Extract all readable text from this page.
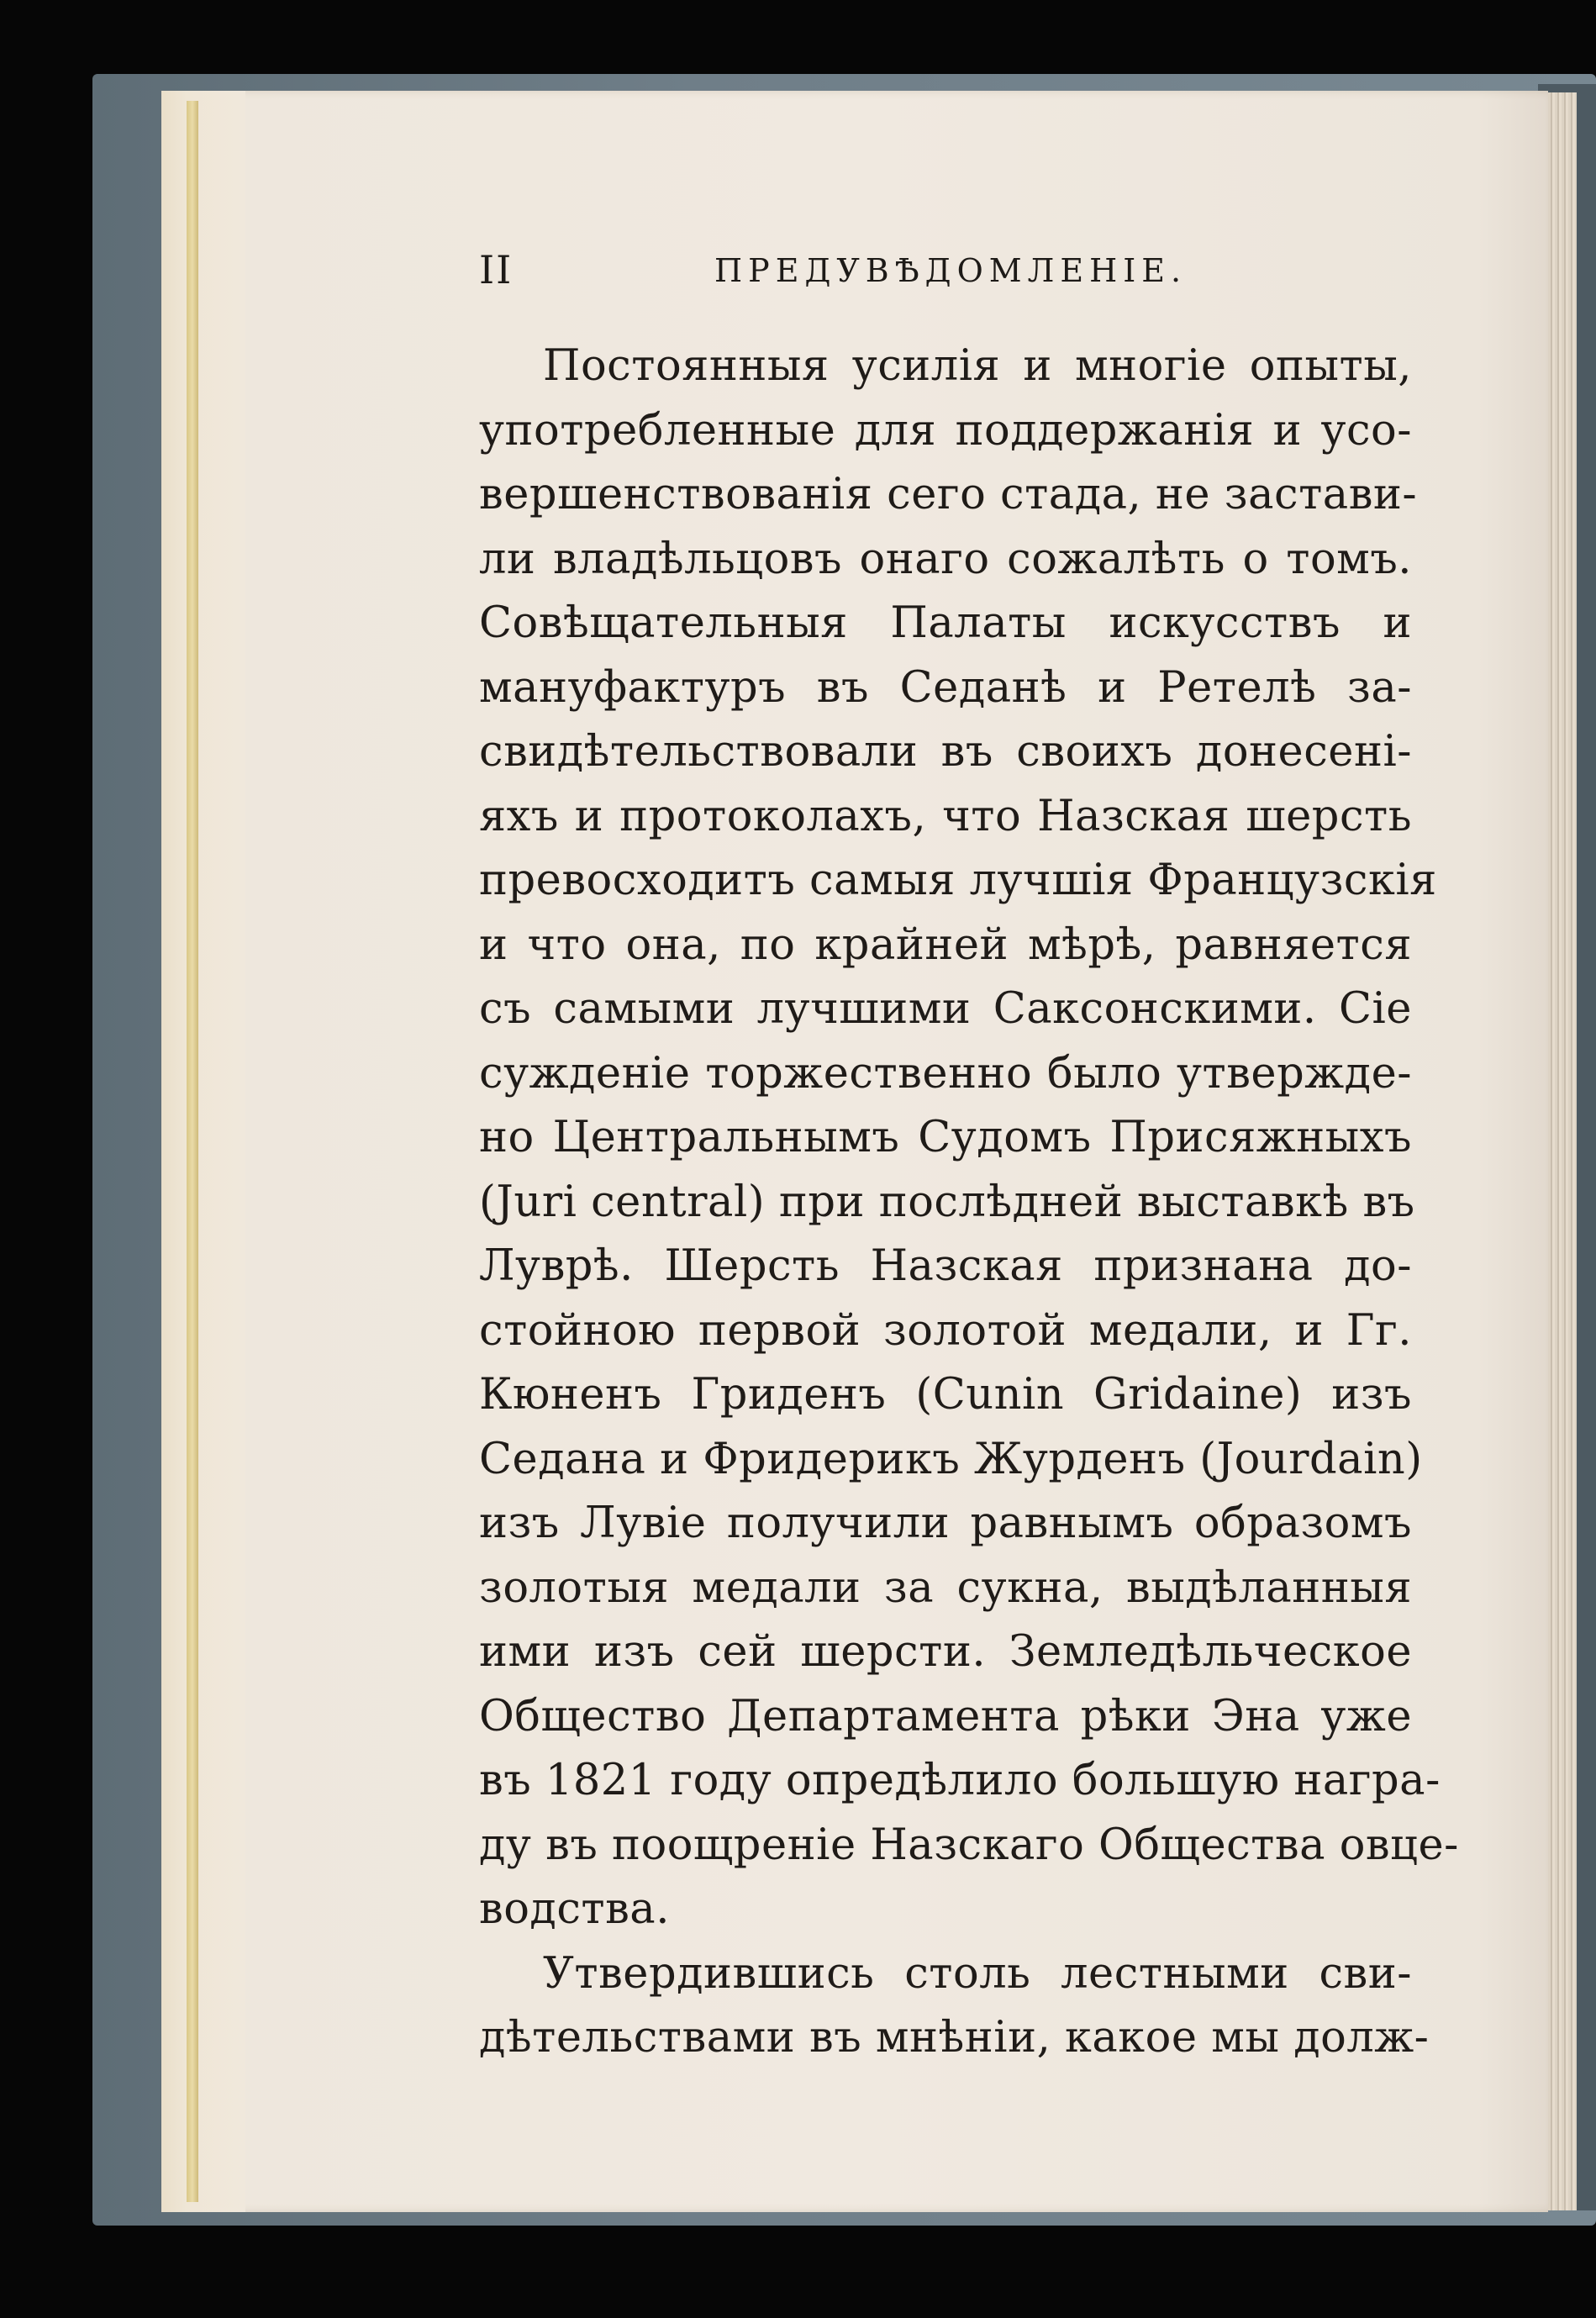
II	ПРЕДУВѢДОМЛЕНІЕ.
Постоянныя усилія и многіе опыты,
употребленные для поддержанія и усо-
вершенствованія сего стада, не застави-
ли владѣльцовъ онаго сожалѣть о томъ.
Совѣщательныя Палаты искусствъ и
мануфактуръ въ Седанѣ и Ретелѣ за-
свидѣтельствовали въ своихъ донесені-
яхъ и протоколахъ, что Назская шерсть
превосходитъ самыя лучшія Французскія
и что она, по крайней мѣрѣ, равняется
съ самыми лучшими Саксонскими. Сіе
сужденіе торжественно было утвержде-
но Центральнымъ Судомъ Присяжныхъ
(Juri central) при послѣдней выставкѣ въ
Луврѣ. Шерсть Назская признана до-
стойною первой золотой медали, и Гг.
Кюненъ Гриденъ (Cunin Gridaine) изъ
Седана и Фридерикъ Журденъ (Jourdain)
изъ Лувіе получили равнымъ образомъ
золотыя медали за сукна, выдѣланныя
ими изъ сей шерсти. Земледѣльческое
Общество Департамента рѣки Эна уже
въ 1821 году опредѣлило большую награ-
ду въ поощреніе Назскаго Общества овце-
водства.
Утвердившись столь лестными сви-
дѣтельствами въ мнѣніи, какое мы долж-
